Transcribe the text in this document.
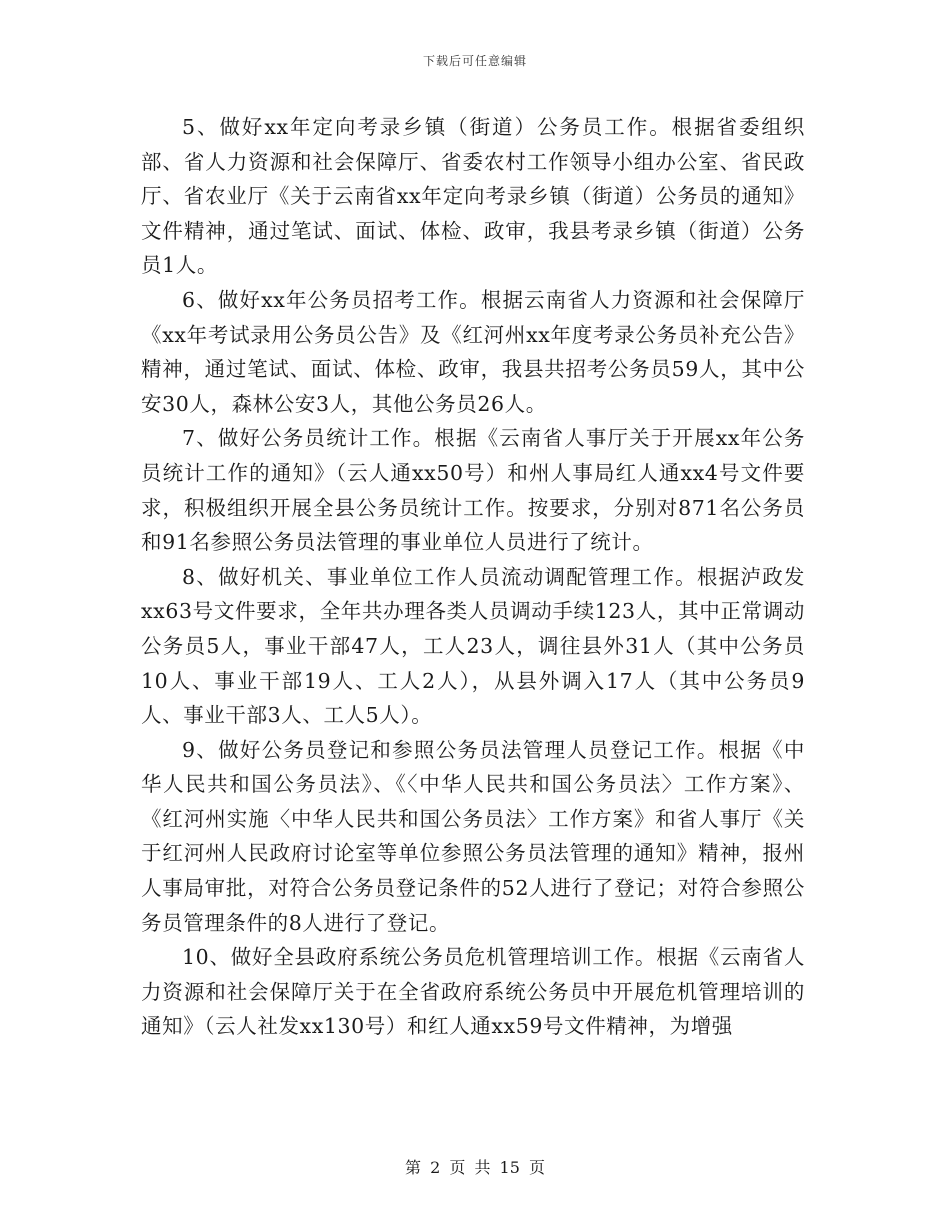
下载后可任意编辑

5、做好xx年定向考录乡镇（街道）公务员工作。根据省委组织部、省人力资源和社会保障厅、省委农村工作领导小组办公室、省民政厅、省农业厅《关于云南省xx年定向考录乡镇（街道）公务员的通知》文件精神，通过笔试、面试、体检、政审，我县考录乡镇（街道）公务员1人。

6、做好xx年公务员招考工作。根据云南省人力资源和社会保障厅《xx年考试录用公务员公告》及《红河州xx年度考录公务员补充公告》精神，通过笔试、面试、体检、政审，我县共招考公务员59人，其中公安30人，森林公安3人，其他公务员26人。

7、做好公务员统计工作。根据《云南省人事厅关于开展xx年公务员统计工作的通知》（云人通xx50号）和州人事局红人通xx4号文件要求，积极组织开展全县公务员统计工作。按要求，分别对871名公务员和91名参照公务员法管理的事业单位人员进行了统计。

8、做好机关、事业单位工作人员流动调配管理工作。根据泸政发xx63号文件要求，全年共办理各类人员调动手续123人，其中正常调动公务员5人，事业干部47人，工人23人，调往县外31人（其中公务员10人、事业干部19人、工人2人），从县外调入17人（其中公务员9人、事业干部3人、工人5人）。

9、做好公务员登记和参照公务员法管理人员登记工作。根据《中华人民共和国公务员法》、《〈中华人民共和国公务员法〉工作方案》、《红河州实施〈中华人民共和国公务员法〉工作方案》和省人事厅《关于红河州人民政府讨论室等单位参照公务员法管理的通知》精神，报州人事局审批，对符合公务员登记条件的52人进行了登记；对符合参照公务员管理条件的8人进行了登记。

10、做好全县政府系统公务员危机管理培训工作。根据《云南省人力资源和社会保障厅关于在全省政府系统公务员中开展危机管理培训的通知》（云人社发xx130号）和红人通xx59号文件精神，为增强

第 2 页 共 15 页
